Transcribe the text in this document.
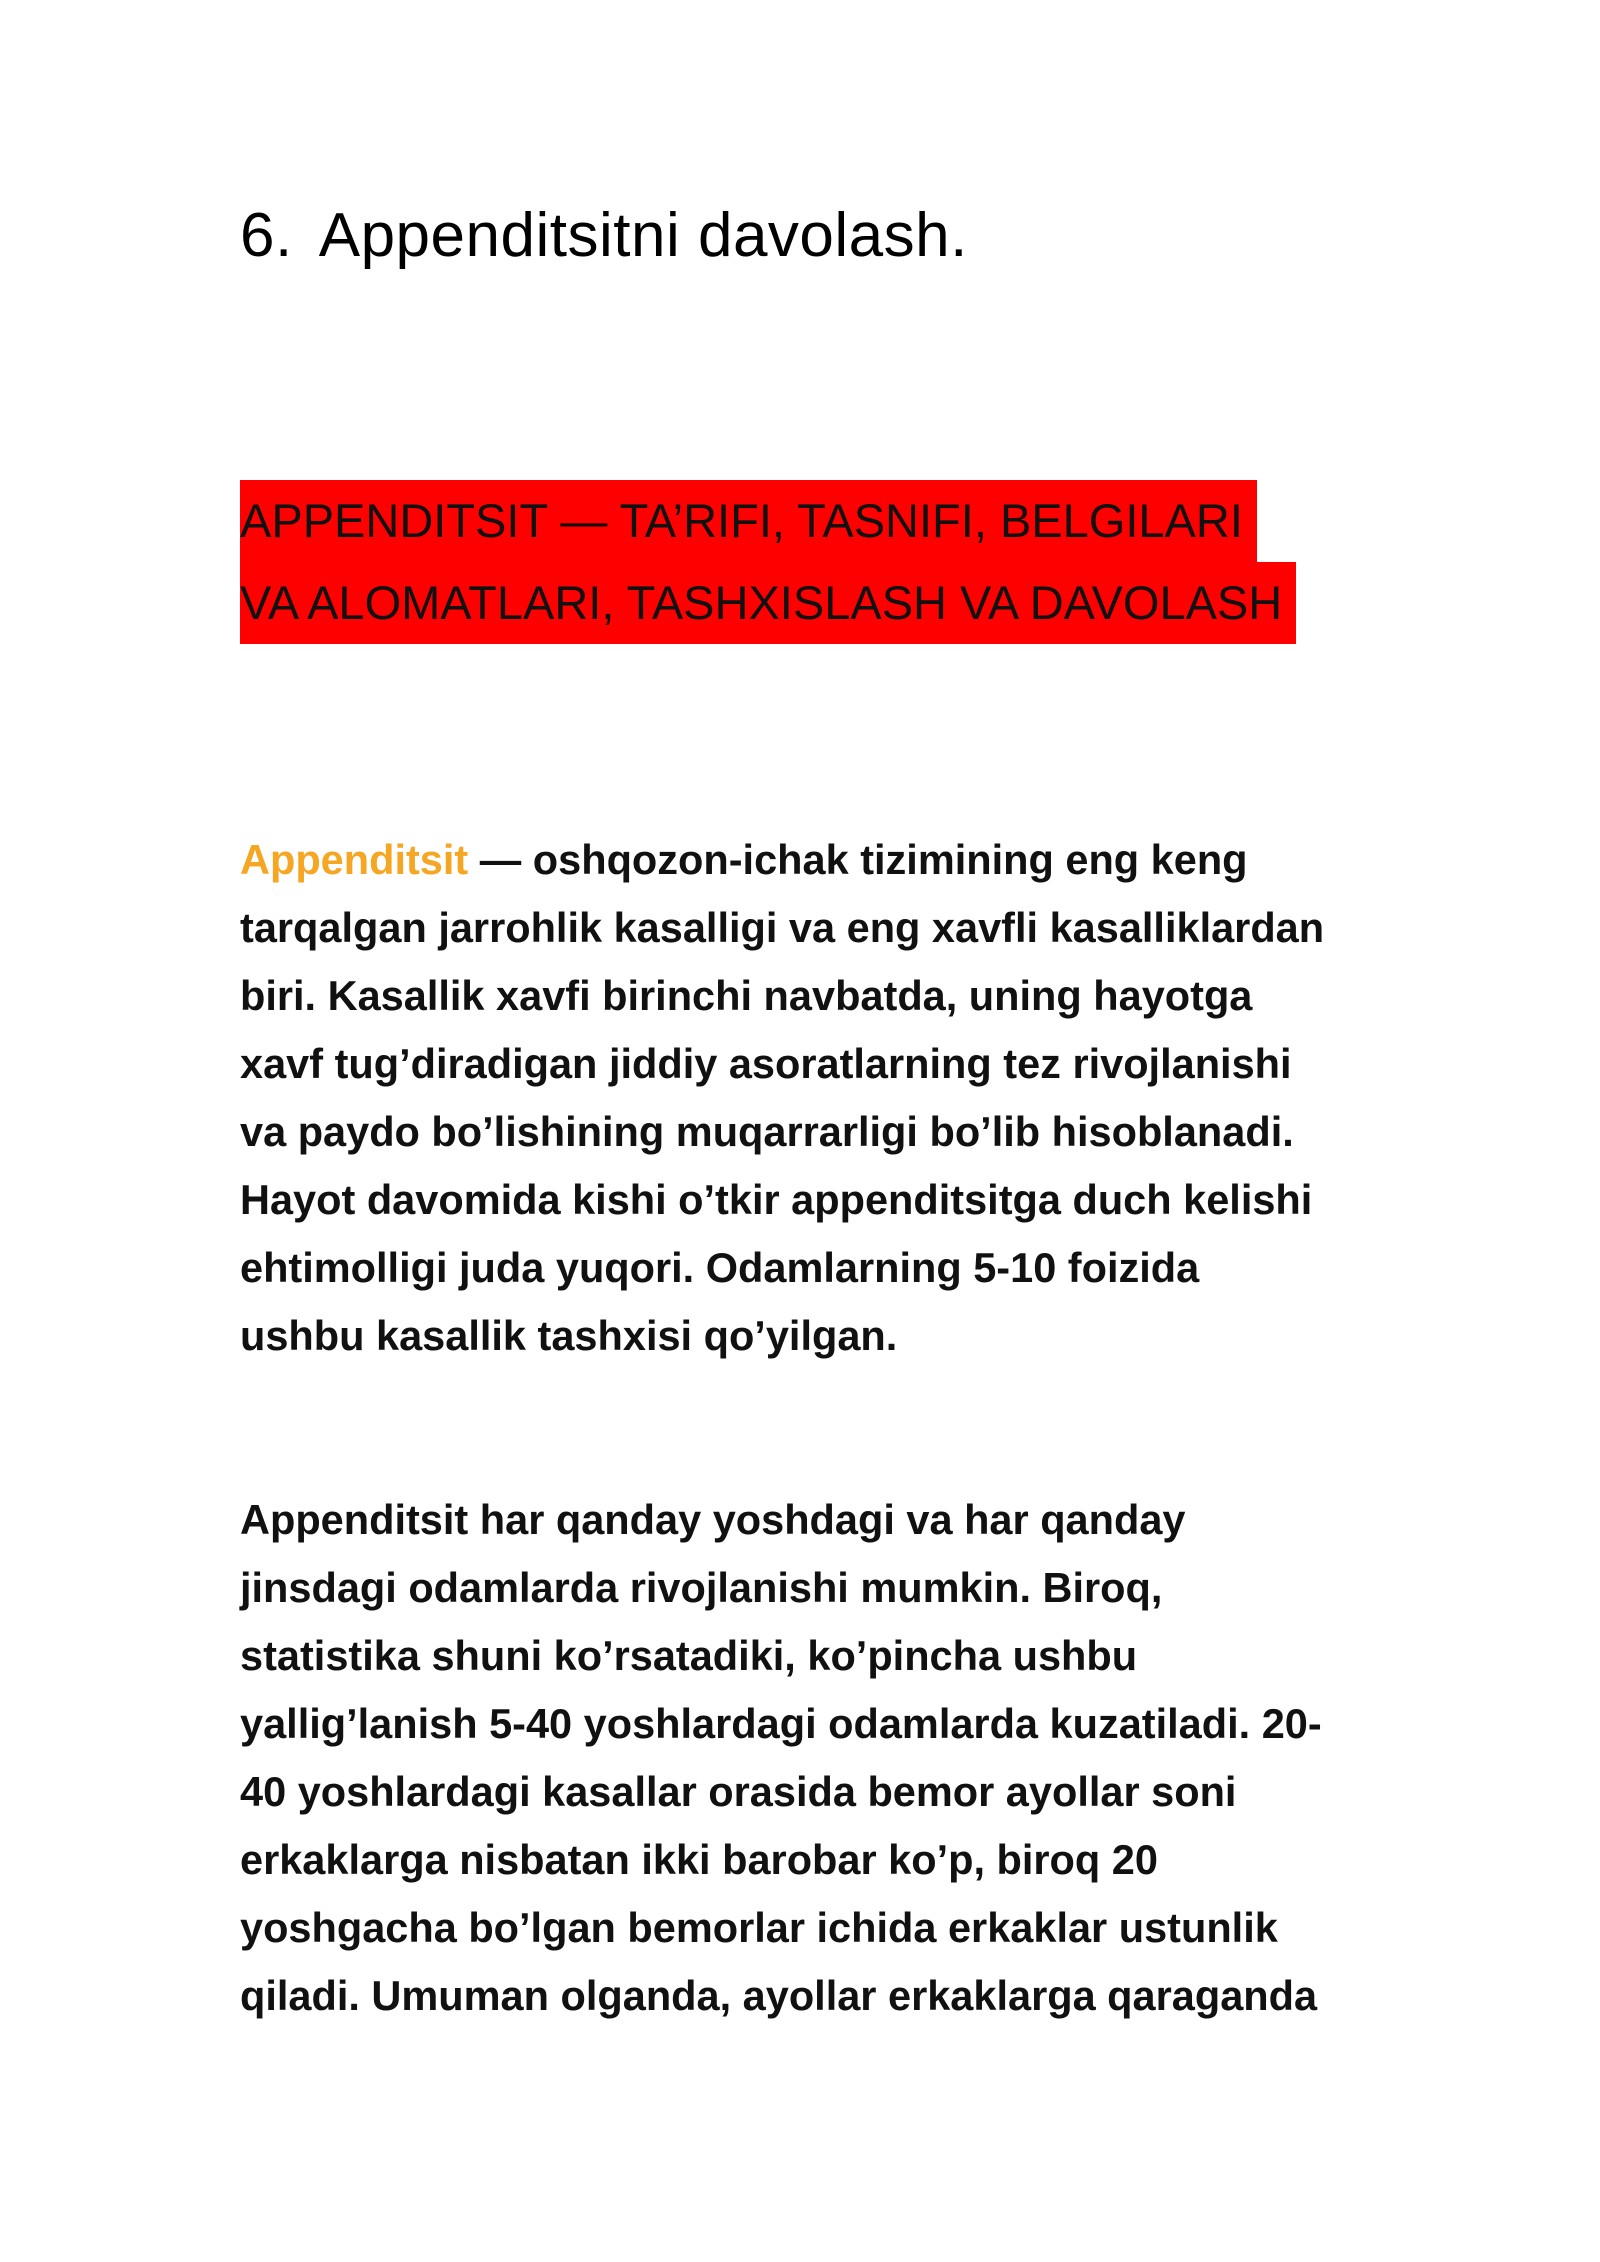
6. Appenditsitni davolash.
APPENDITSIT — TA’RIFI, TASNIFI, BELGILARI
VA ALOMATLARI, TASHXISLASH VA DAVOLASH
Appenditsit — oshqozon-ichak tizimining eng keng
tarqalgan jarrohlik kasalligi va eng xavfli kasalliklardan
biri. Kasallik xavfi birinchi navbatda, uning hayotga
xavf tug’diradigan jiddiy asoratlarning tez rivojlanishi
va paydo bo’lishining muqarrarligi bo’lib hisoblanadi.
Hayot davomida kishi o’tkir appenditsitga duch kelishi
ehtimolligi juda yuqori. Odamlarning 5-10 foizida
ushbu kasallik tashxisi qo’yilgan.
Appenditsit har qanday yoshdagi va har qanday
jinsdagi odamlarda rivojlanishi mumkin. Biroq,
statistika shuni ko’rsatadiki, ko’pincha ushbu
yallig’lanish 5-40 yoshlardagi odamlarda kuzatiladi. 20-
40 yoshlardagi kasallar orasida bemor ayollar soni
erkaklarga nisbatan ikki barobar ko’p, biroq 20
yoshgacha bo’lgan bemorlar ichida erkaklar ustunlik
qiladi. Umuman olganda, ayollar erkaklarga qaraganda
